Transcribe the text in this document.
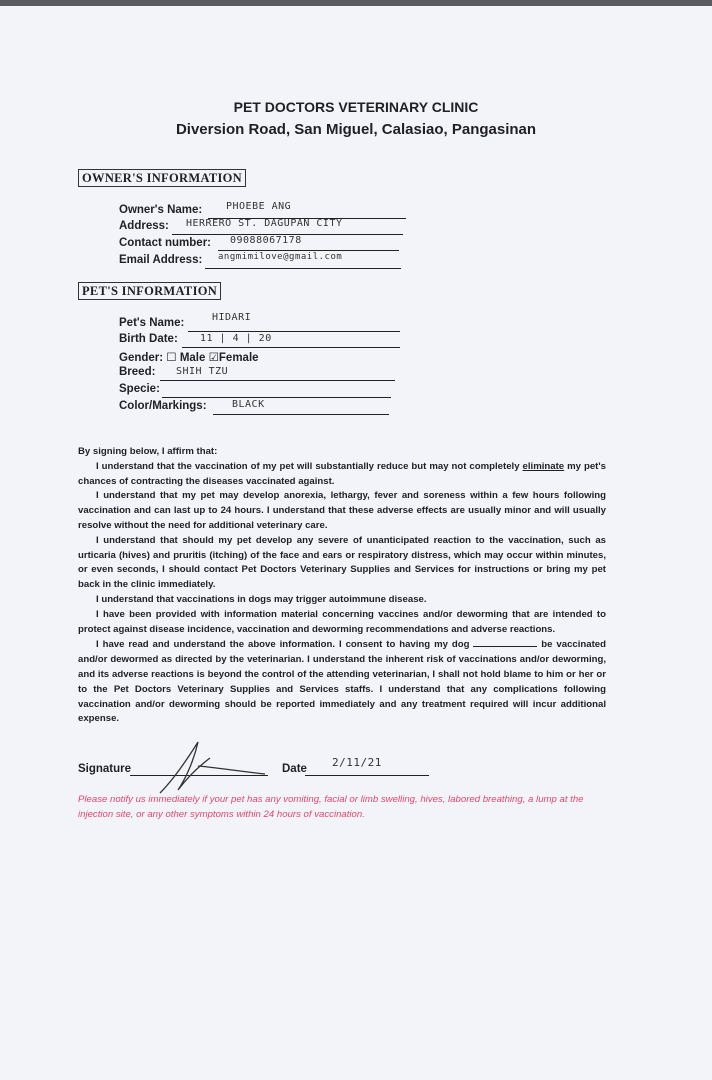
PET DOCTORS VETERINARY CLINIC
Diversion Road, San Miguel, Calasiao, Pangasinan
OWNER'S INFORMATION
Owner's Name: PHOEBE ANG
Address: HERRERO ST. DAGUPAN CITY
Contact number: 09088067178
Email Address: angmimilove@gmail.com
PET'S INFORMATION
Pet's Name:	HIDARI
Birth Date: 11 | 4 | 20
Gender: ☐ Male ☑Female
Breed: SHIH TZU
Specie:
Color/Markings:	BLACK

By signing below, I affirm that:

I understand that the vaccination of my pet will substantially reduce but may not completely eliminate my pet's chances of contracting the diseases vaccinated against.

I understand that my pet may develop anorexia, lethargy, fever and soreness within a few hours following vaccination and can last up to 24 hours. I understand that these adverse effects are usually minor and will usually resolve without the need for additional veterinary care.

I understand that should my pet develop any severe of unanticipated reaction to the vaccination, such as urticaria (hives) and pruritis (itching) of the face and ears or respiratory distress, which may occur within minutes, or even seconds, I should contact Pet Doctors Veterinary Supplies and Services for instructions or bring my pet back in the clinic immediately.

I understand that vaccinations in dogs may trigger autoimmune disease.

I have been provided with information material concerning vaccines and/or deworming that are intended to protect against disease incidence, vaccination and deworming recommendations and adverse reactions.

I have read and understand the above information. I consent to having my dog	be vaccinated and/or dewormed as directed by the veterinarian. I understand the inherent risk of vaccinations and/or deworming, and its adverse reactions is beyond the control of the attending veterinarian, I shall not hold blame to him or her or to the Pet Doctors Veterinary Supplies and Services staffs. I understand that any complications following vaccination and/or deworming should be reported immediately and any treatment required will incur additional expense.

Signature	Date 2/11/21
Please notify us immediately if your pet has any vomiting, facial or limb swelling, hives, labored breathing, a lump at the injection site, or any other symptoms within 24 hours of vaccination.
